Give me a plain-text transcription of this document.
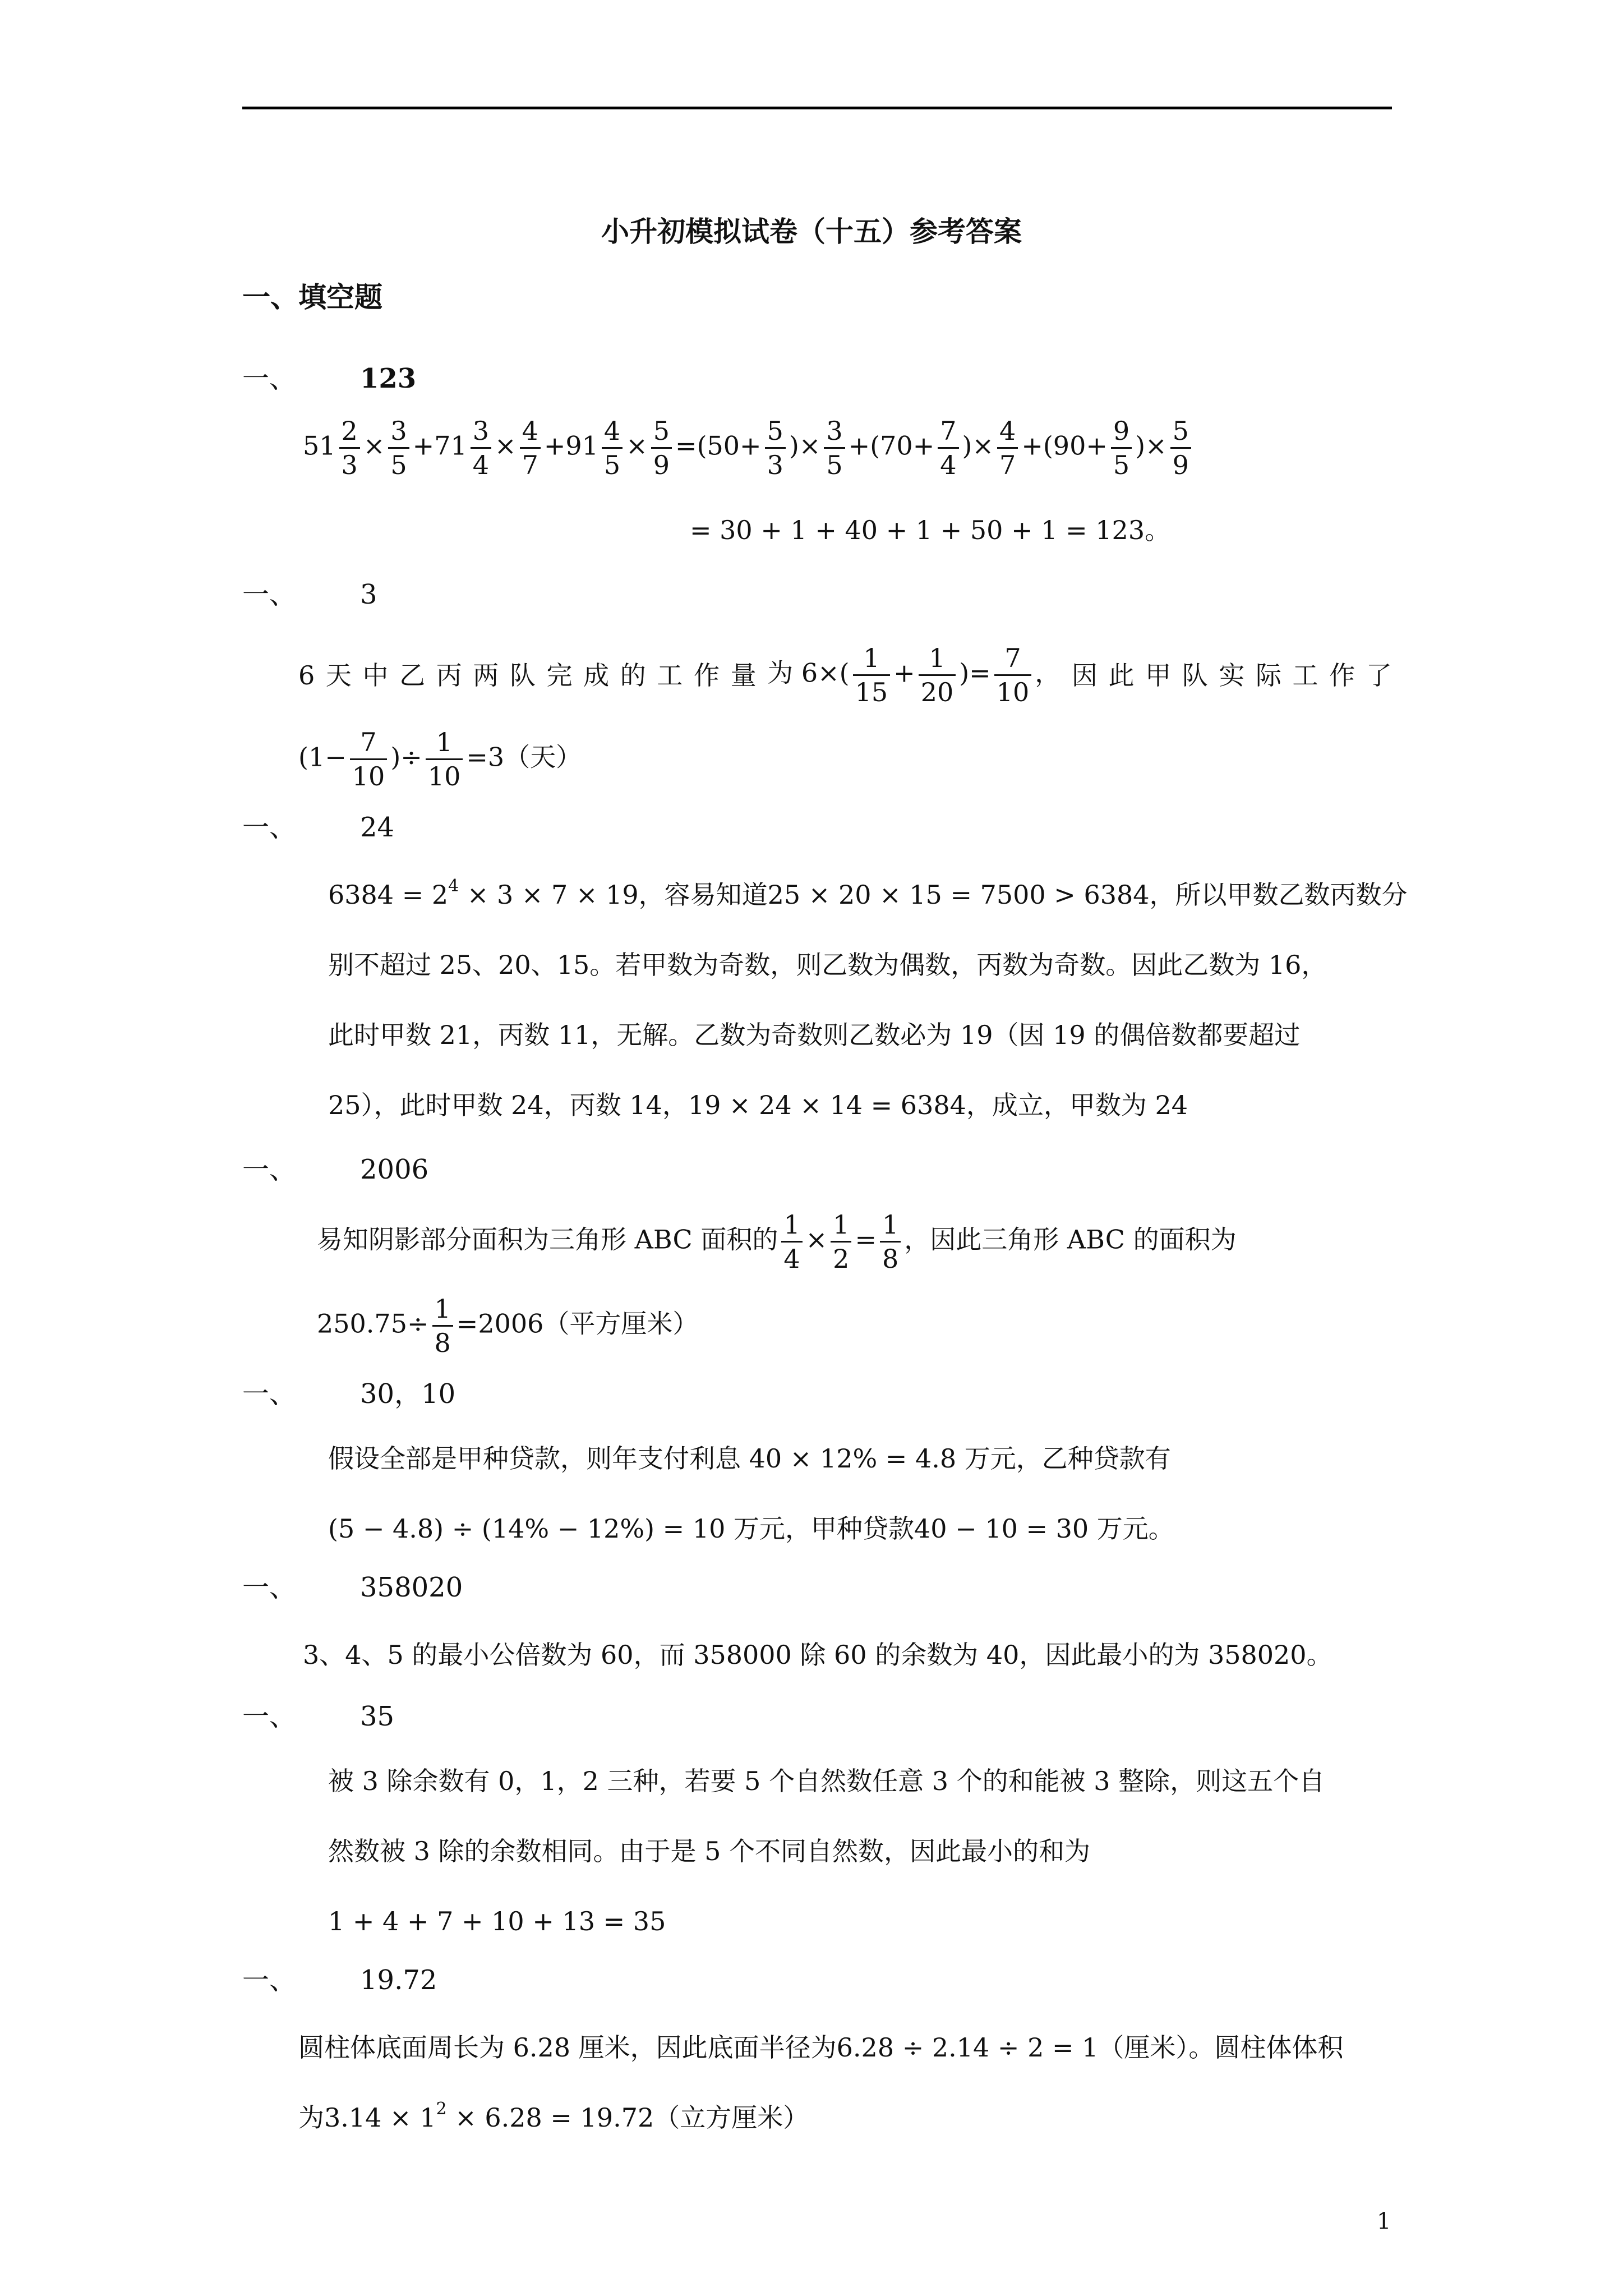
小升初模拟试卷（十五）参考答案
一、填空题
一、 123
$51 \frac{2}{3} \times \frac{3}{5} +71 \frac{3}{4} \times \frac{4}{7} +91 \frac{4}{5} \times \frac{5}{9} =(50+ \frac{5}{3}$ )× $\frac{3}{5} +(70+ \frac{7}{4}$ )× $\frac{4}{7} +(90+ \frac{9}{5}$ )× $\frac{5}{9}$
= 30 + 1 + 40 + 1 + 50 + 1 = 123。
一、 3
6 天 中 乙 丙 两 队 完 成 的 工 作 量 为 $6\times( \frac{1}{15} + \frac{1}{20}$ )= $\frac{7}{10}$ ， 因 此 甲 队 实 际 工 作 了
($1- \frac{7}{10}$ )÷ $\frac{1}{10} =3$（天）
一、 24
$6384 = 2^4 \times 3 \times 7 \times 19$，容易知道25 × 20 × 15 = 7500 > 6384，所以甲数乙数丙数分
别不超过 25、20、15。若甲数为奇数，则乙数为偶数，丙数为奇数。因此乙数为 16，
此时甲数 21，丙数 11，无解。乙数为奇数则乙数必为 19（因 19 的偶倍数都要超过
25），此时甲数 24，丙数 14，19 × 24 × 14 = 6384，成立，甲数为 24
一、 2006
易知阴影部分面积为三角形 ABC 面积的 $\frac{1}{4} \times \frac{1}{2} = \frac{1}{8}$ ，因此三角形 ABC 的面积为
$250.75\div \frac{1}{8} =2006$（平方厘米）
一、 30，10
假设全部是甲种贷款，则年支付利息 40 × 12% = 4.8 万元，乙种贷款有
(5 − 4.8) ÷ (14% − 12%) = 10 万元，甲种贷款40 − 10 = 30 万元。
一、 358020
3、4、5 的最小公倍数为 60，而 358000 除 60 的余数为 40，因此最小的为 358020。
一、 35
被 3 除余数有 0，1，2 三种，若要 5 个自然数任意 3 个的和能被 3 整除，则这五个自
然数被 3 除的余数相同。由于是 5 个不同自然数，因此最小的和为
1 + 4 + 7 + 10 + 13 = 35
一、 19.72
圆柱体底面周长为 6.28 厘米，因此底面半径为6.28 ÷ 2.14 ÷ 2 = 1（厘米）。圆柱体体积
为$3.14 \times 1^2 \times 6.28 = 19.72$（立方厘米）
1
